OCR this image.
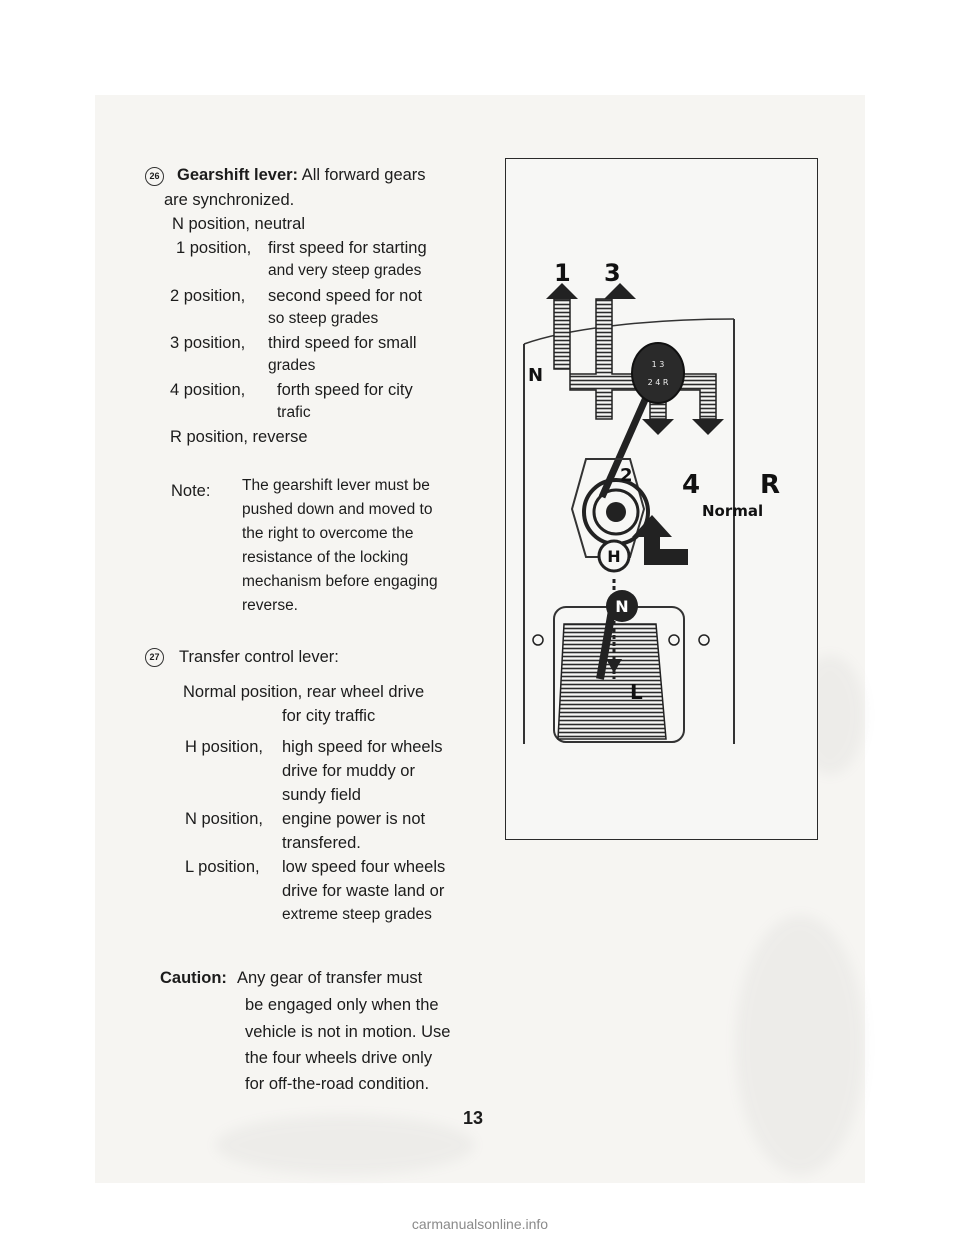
26 Gearshift lever: All forward gears
are synchronized.
N position, neutral
1 position, first speed for starting
and very steep grades
2 position, second speed for not
so steep grades
3 position, third speed for small
grades
4 position, forth speed for city
trafic
R position, reverse
Note: The gearshift lever must be
pushed down and moved to
the right to overcome the
resistance of the locking
mechanism before engaging
reverse.
27 Transfer control lever:
Normal position, rear wheel drive
for city traffic
H position, high speed for wheels
drive for muddy or
sundy field
N position, engine power is not
transfered.
L position, low speed four wheels
drive for waste land or
extreme steep grades
Caution: Any gear of transfer must
be engaged only when the
vehicle is not in motion. Use
the four wheels drive only
for off-the-road condition.
1 3
N
4 R
Normal
1 3
2 4 R
2
H
N
L
13
carmanualsonline.info
